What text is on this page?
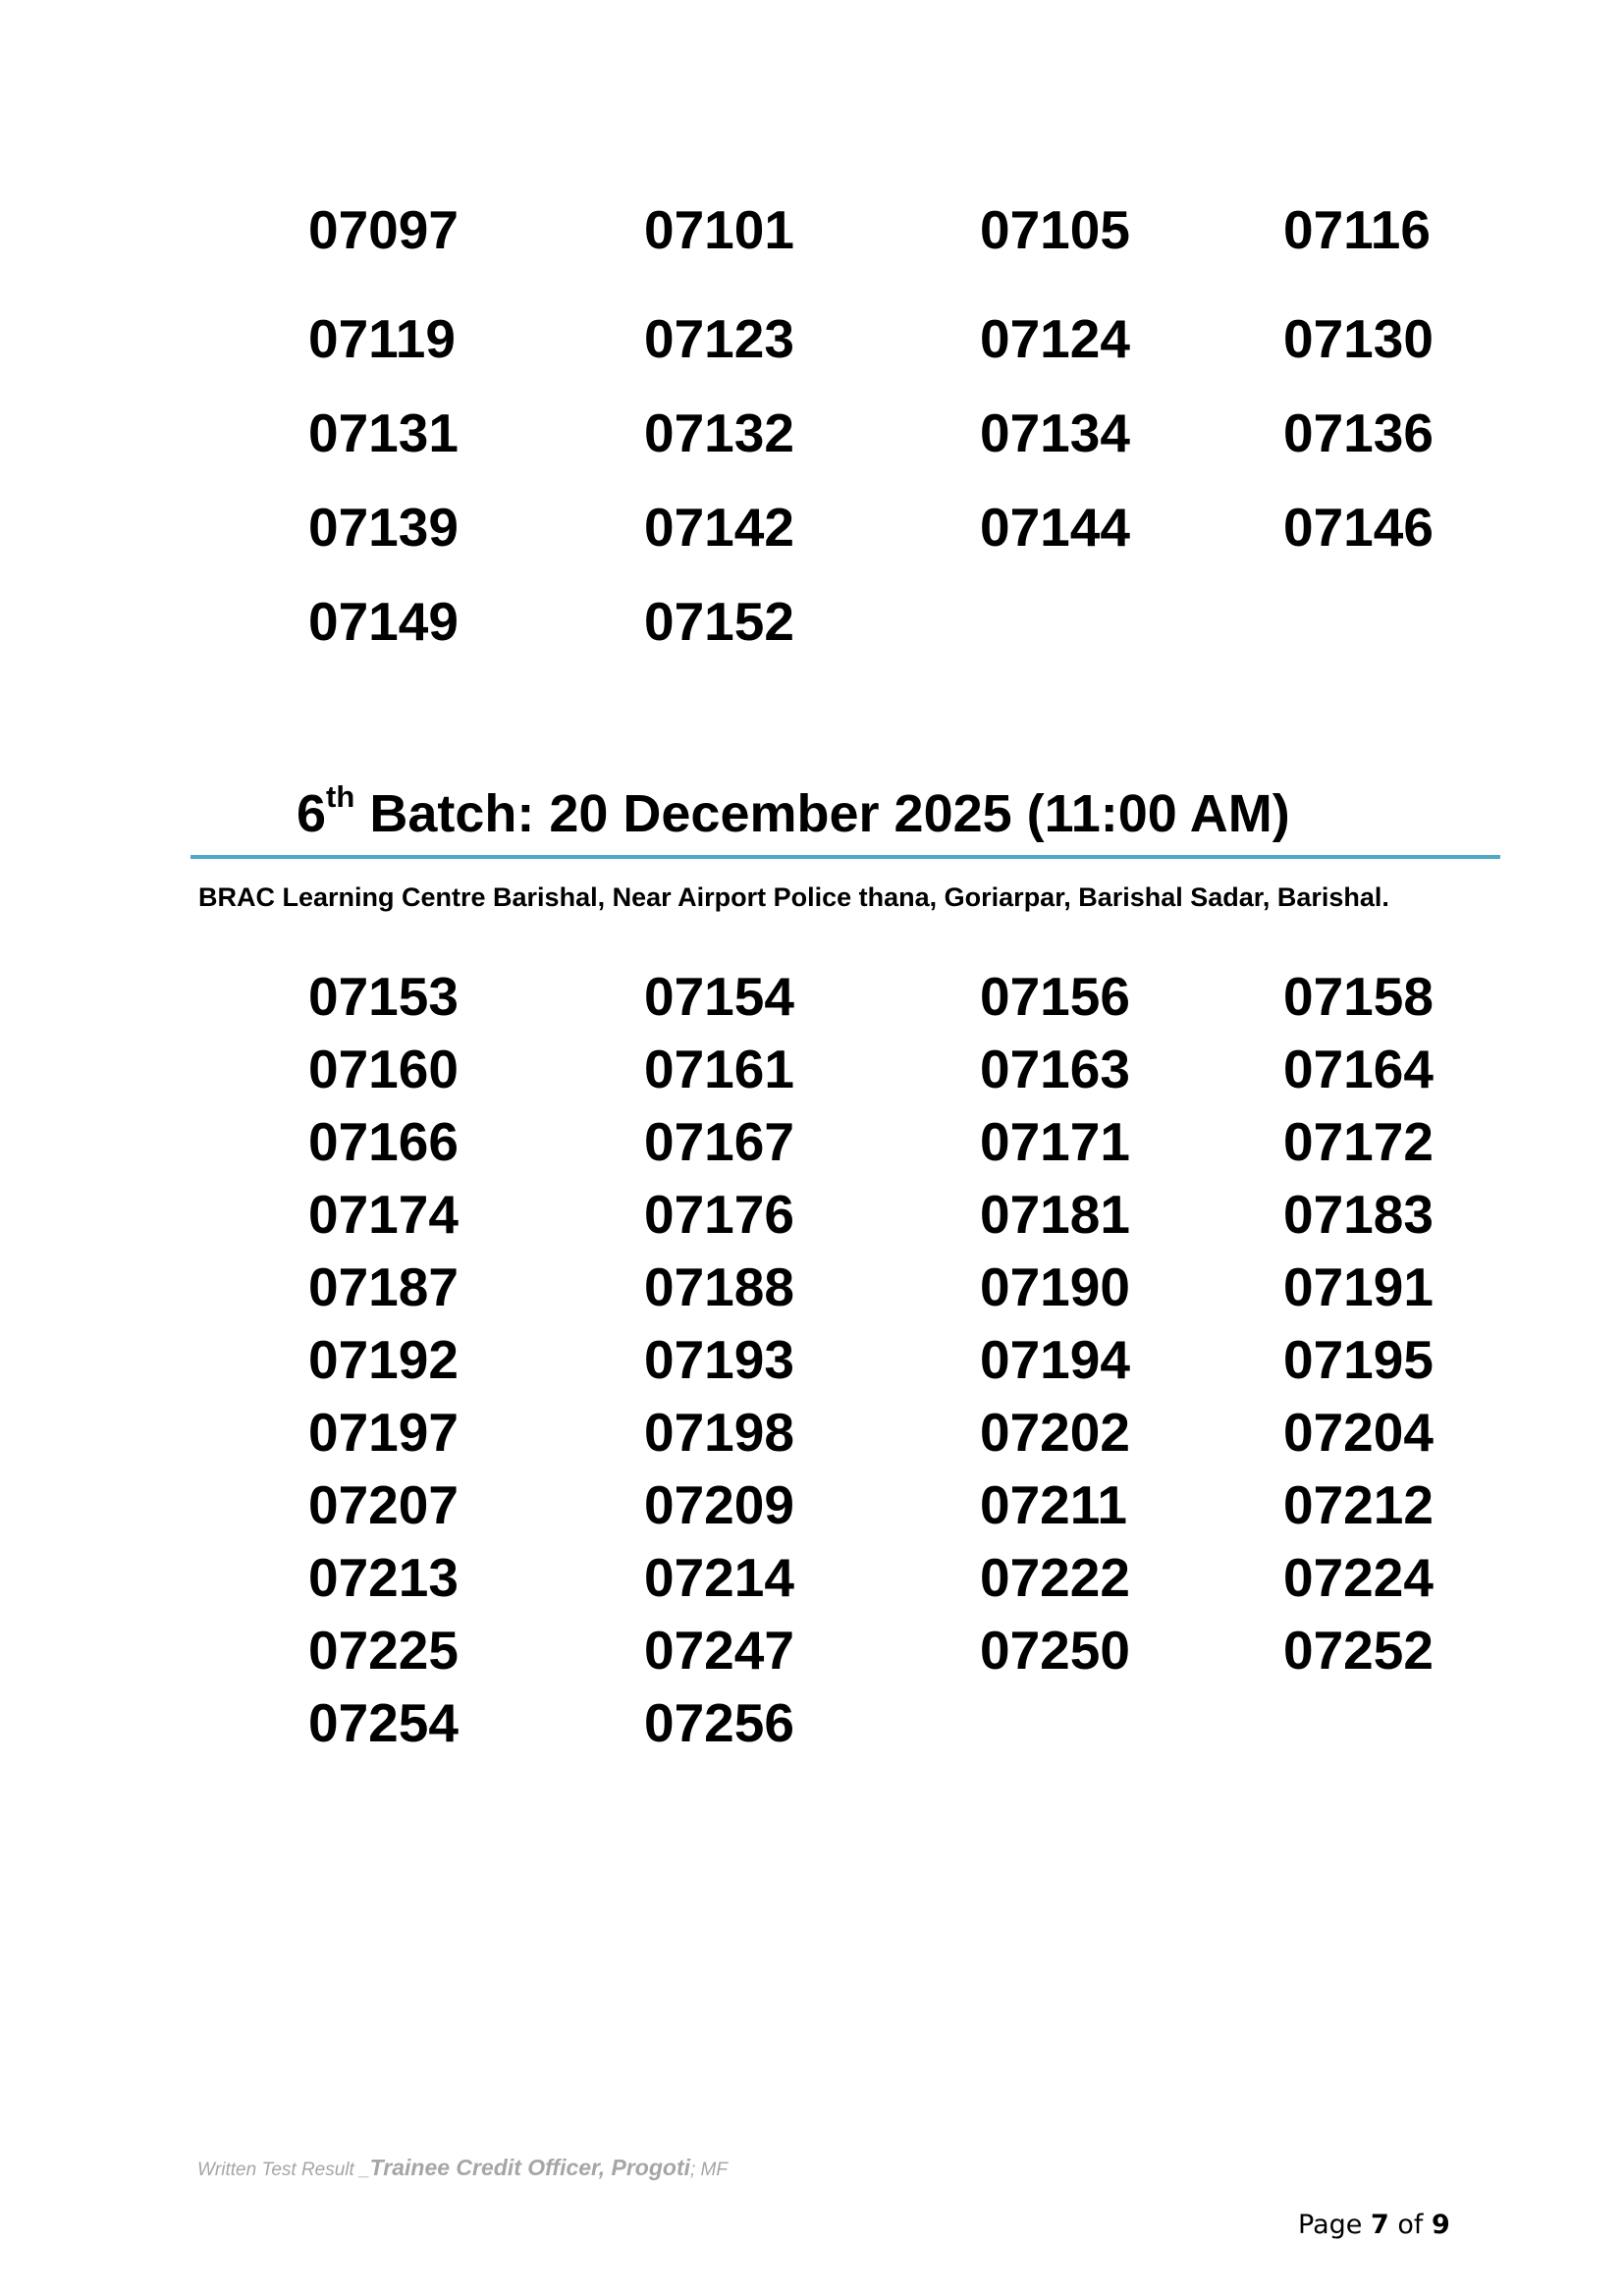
07097	07101	07105	07116
07119	07123	07124	07130
07131	07132	07134	07136
07139	07142	07144	07146
07149	07152
6th Batch: 20 December 2025 (11:00 AM)
BRAC Learning Centre Barishal, Near Airport Police thana, Goriarpar, Barishal Sadar, Barishal.
07153	07154	07156	07158
07160	07161	07163	07164
07166	07167	07171	07172
07174	07176	07181	07183
07187	07188	07190	07191
07192	07193	07194	07195
07197	07198	07202	07204
07207	07209	07211	07212
07213	07214	07222	07224
07225	07247	07250	07252
07254	07256
Written Test Result _Trainee Credit Officer, Progoti; MF
Page 7 of 9
